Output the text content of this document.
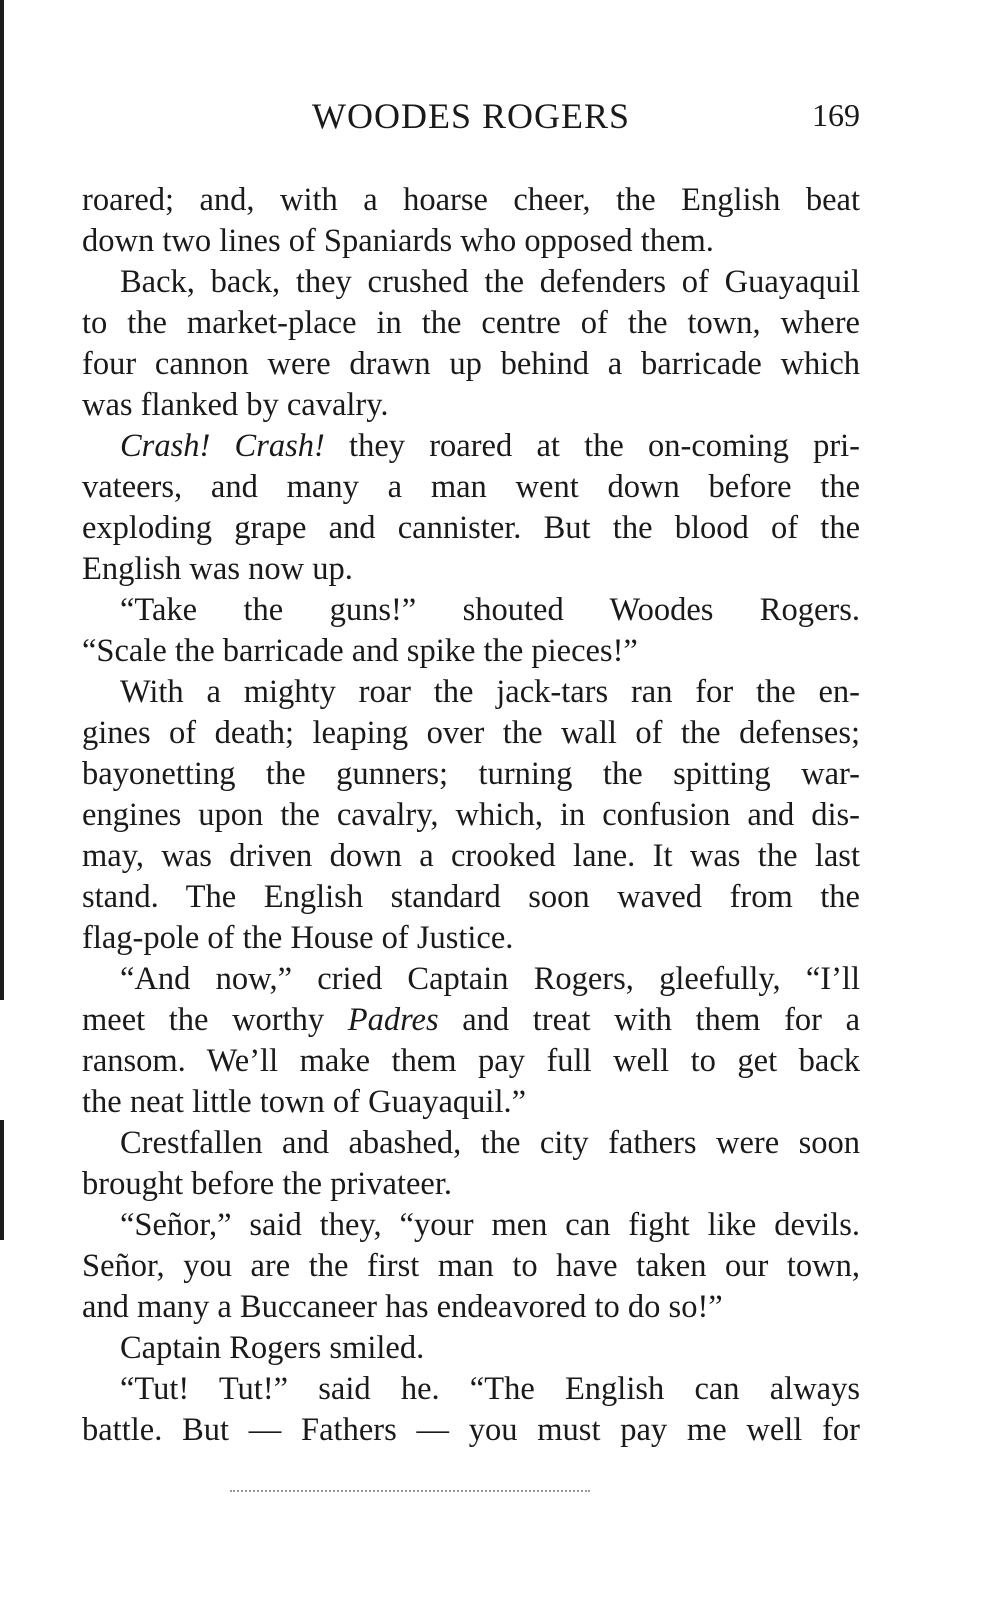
WOODES ROGERS	169
roared; and, with a hoarse cheer, the English beat
down two lines of Spaniards who opposed them.
Back, back, they crushed the defenders of Guayaquil
to the market-place in the centre of the town, where
four cannon were drawn up behind a barricade which
was flanked by cavalry.
Crash! Crash! they roared at the on-coming pri-
vateers, and many a man went down before the
exploding grape and cannister. But the blood of the
English was now up.
“Take the guns!” shouted Woodes Rogers.
“Scale the barricade and spike the pieces!”
With a mighty roar the jack-tars ran for the en-
gines of death; leaping over the wall of the defenses;
bayonetting the gunners; turning the spitting war-
engines upon the cavalry, which, in confusion and dis-
may, was driven down a crooked lane. It was the last
stand. The English standard soon waved from the
flag-pole of the House of Justice.
“And now,” cried Captain Rogers, gleefully, “I’ll
meet the worthy Padres and treat with them for a
ransom. We’ll make them pay full well to get back
the neat little town of Guayaquil.”
Crestfallen and abashed, the city fathers were soon
brought before the privateer.
“Señor,” said they, “your men can fight like devils.
Señor, you are the first man to have taken our town,
and many a Buccaneer has endeavored to do so!”
Captain Rogers smiled.
“Tut! Tut!” said he. “The English can always
battle. But — Fathers — you must pay me well for
